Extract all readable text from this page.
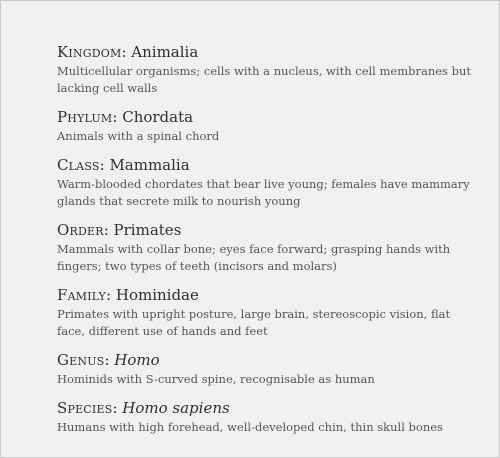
Kingdom: Animalia
Multicellular organisms; cells with a nucleus, with cell membranes but lacking cell walls
Phylum: Chordata
Animals with a spinal chord
Class: Mammalia
Warm-blooded chordates that bear live young; females have mammary glands that secrete milk to nourish young
Order: Primates
Mammals with collar bone; eyes face forward; grasping hands with fingers; two types of teeth (incisors and molars)
Family: Hominidae
Primates with upright posture, large brain, stereoscopic vision, flat face, different use of hands and feet
Genus: Homo
Hominids with S-curved spine, recognisable as human
Species: Homo sapiens
Humans with high forehead, well-developed chin, thin skull bones
